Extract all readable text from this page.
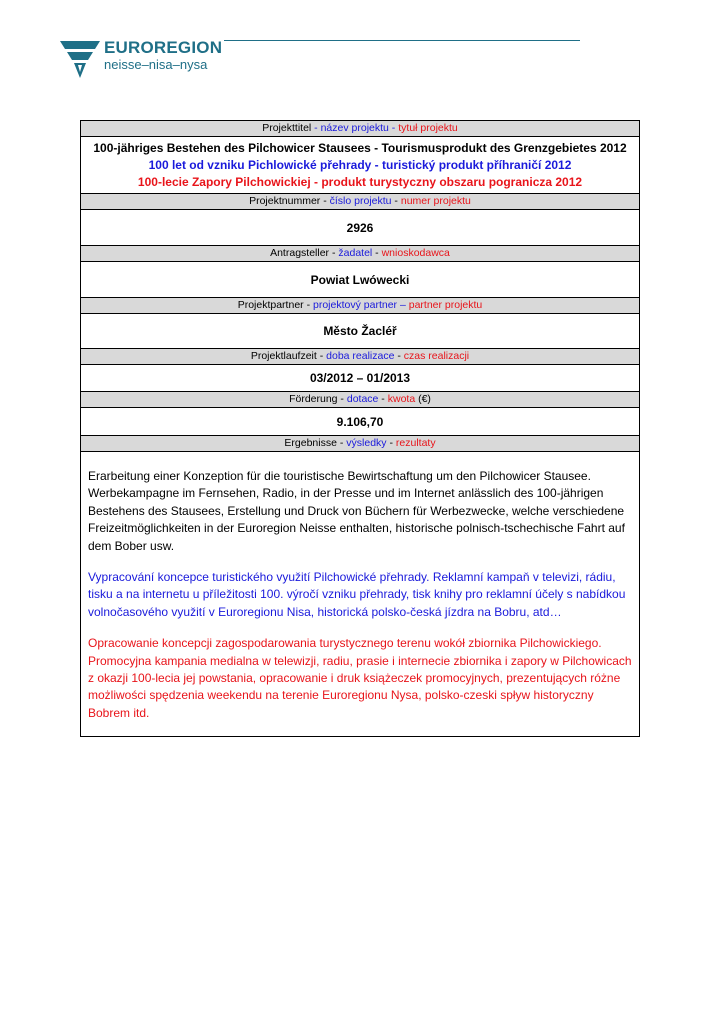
EUROREGION
neisse–nisa–nysa
Projekttitel - název projektu - tytuł projektu
100-jähriges Bestehen des Pilchowicer Stausees - Tourismusprodukt des Grenzgebietes 2012
100 let od vzniku Pichlowické přehrady - turistický produkt příhraničí 2012
100-lecie Zapory Pilchowickiej - produkt turystyczny obszaru pogranicza 2012
Projektnummer - číslo projektu - numer projektu
2926
Antragsteller - žadatel - wnioskodawca
Powiat Lwówecki
Projektpartner - projektový partner – partner projektu
Město Žacléř
Projektlaufzeit - doba realizace - czas realizacji
03/2012 – 01/2013
Förderung - dotace - kwota (€)
9.106,70
Ergebnisse - výsledky - rezultaty

Erarbeitung einer Konzeption für die touristische Bewirtschaftung um den Pilchowicer Stausee. Werbekampagne im Fernsehen, Radio, in der Presse und im Internet anlässlich des 100-jährigen Bestehens des Stausees, Erstellung und Druck von Büchern für Werbezwecke, welche verschiedene Freizeitmöglichkeiten in der Euroregion Neisse enthalten, historische polnisch-tschechische Fahrt auf dem Bober usw.

Vypracování koncepce turistického využití Pilchowické přehrady. Reklamní kampaň v televizi, rádiu, tisku a na internetu u příležitosti 100. výročí vzniku přehrady, tisk knihy pro reklamní účely s nabídkou volnočasového využití v Euroregionu Nisa, historická polsko-česká jízdra na Bobru, atd…

Opracowanie koncepcji zagospodarowania turystycznego terenu wokół zbiornika Pilchowickiego. Promocyjna kampania medialna w telewizji, radiu, prasie i internecie zbiornika i zapory w Pilchowicach z okazji 100-lecia jej powstania, opracowanie i druk książeczek promocyjnych, prezentujących różne możliwości spędzenia weekendu na terenie Euroregionu Nysa, polsko-czeski spływ historyczny Bobrem itd.
